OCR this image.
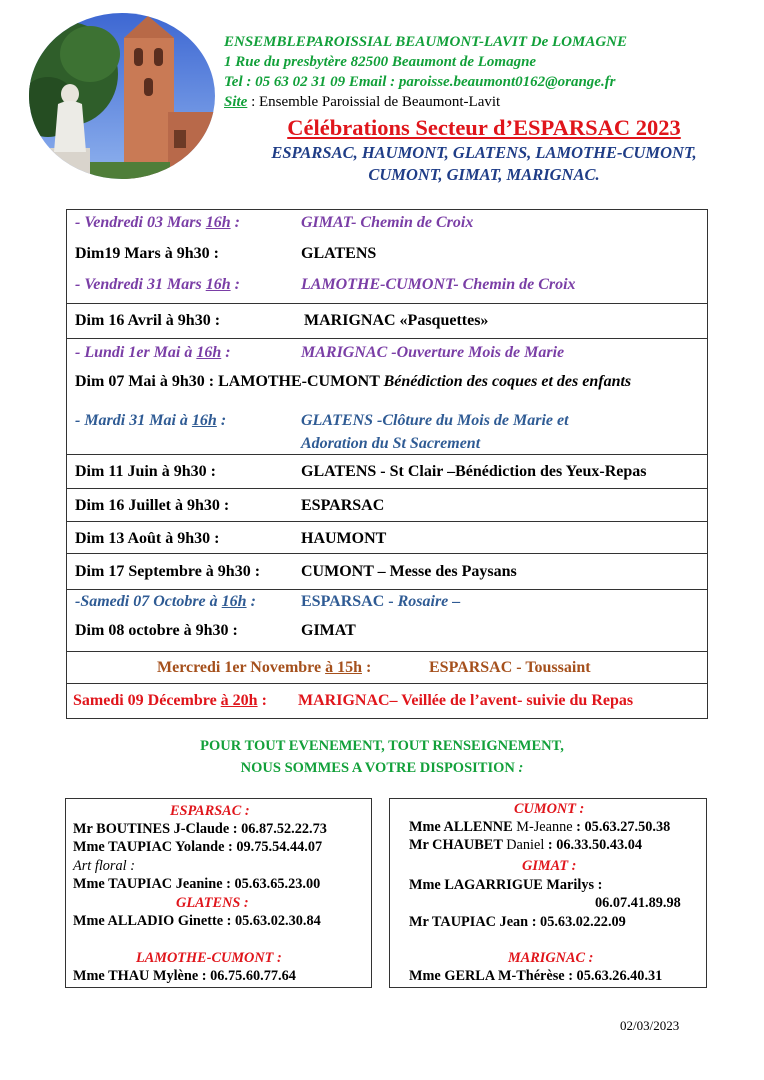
ENSEMBLEPAROISSIAL BEAUMONT-LAVIT De LOMAGNE
1 Rue du presbytère 82500 Beaumont de Lomagne
Tel : 05 63 02 31 09 Email : paroisse.beaumont0162@orange.fr
Site : Ensemble Paroissial de Beaumont-Lavit
Célébrations Secteur d’ESPARSAC 2023
ESPARSAC, HAUMONT, GLATENS, LAMOTHE-CUMONT,
CUMONT, GIMAT, MARIGNAC.
- Vendredi 03 Mars 16h :	GIMAT- Chemin de Croix
Dim19 Mars à 9h30 :	GLATENS
- Vendredi 31 Mars 16h :	LAMOTHE-CUMONT- Chemin de Croix
Dim 16 Avril à 9h30 :	MARIGNAC «Pasquettes»
- Lundi 1er Mai à 16h :	MARIGNAC -Ouverture Mois de Marie
Dim 07 Mai à 9h30 : LAMOTHE-CUMONT Bénédiction des coques et des enfants
- Mardi 31 Mai à 16h :	GLATENS -Clôture du Mois de Marie et
Adoration du St Sacrement
Dim 11 Juin à 9h30 :	GLATENS - St Clair –Bénédiction des Yeux-Repas
Dim 16 Juillet à 9h30 :	ESPARSAC
Dim 13 Août à 9h30 :	HAUMONT
Dim 17 Septembre à 9h30 :	CUMONT – Messe des Paysans
-Samedi 07 Octobre à 16h :	ESPARSAC - Rosaire –
Dim 08 octobre à 9h30 :	GIMAT
Mercredi 1er Novembre à 15h :	ESPARSAC - Toussaint
Samedi 09 Décembre à 20h : MARIGNAC– Veillée de l’avent- suivie du Repas
POUR TOUT EVENEMENT, TOUT RENSEIGNEMENT,
NOUS SOMMES A VOTRE DISPOSITION :
ESPARSAC :
Mr BOUTINES J-Claude : 06.87.52.22.73
Mme TAUPIAC Yolande : 09.75.54.44.07
Art floral :
Mme TAUPIAC Jeanine : 05.63.65.23.00
GLATENS :
Mme ALLADIO Ginette : 05.63.02.30.84
LAMOTHE-CUMONT :
Mme THAU Mylène : 06.75.60.77.64
CUMONT :
Mme ALLENNE M-Jeanne : 05.63.27.50.38
Mr CHAUBET Daniel : 06.33.50.43.04
GIMAT :
Mme LAGARRIGUE Marilys :
06.07.41.89.98
Mr TAUPIAC Jean : 05.63.02.22.09
MARIGNAC :
Mme GERLA M-Thérèse : 05.63.26.40.31
02/03/2023
